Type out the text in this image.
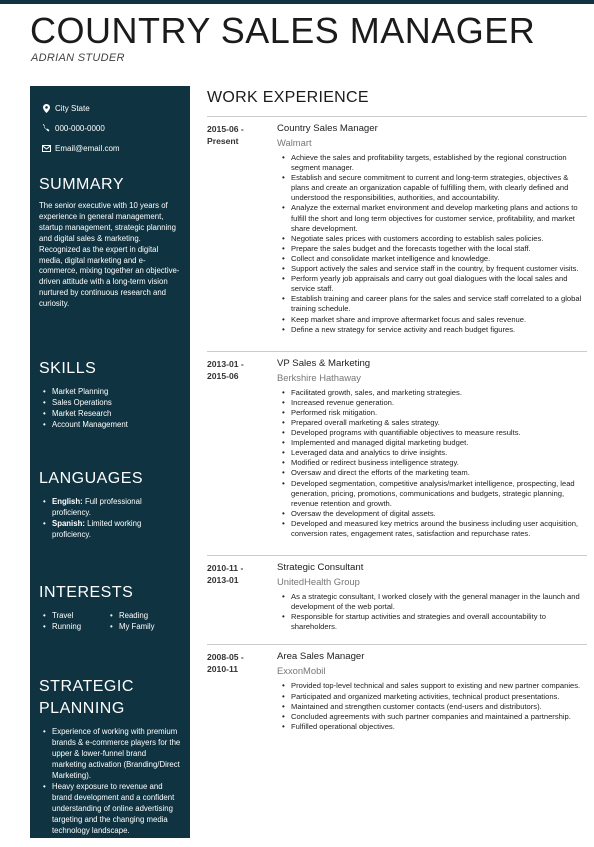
COUNTRY SALES MANAGER
ADRIAN STUDER
City State
000-000-0000
Email@email.com
SUMMARY
The senior executive with 10 years of experience in general management, startup management, strategic planning and digital sales & marketing. Recognized as the expert in digital media, digital marketing and e-commerce, mixing together an objective-driven attitude with a long-term vision nurtured by continuous research and curiosity.
SKILLS
• Market Planning
• Sales Operations
• Market Research
• Account Management
LANGUAGES
• English: Full professional proficiency.
• Spanish: Limited working proficiency.
INTERESTS
• Travel	• Reading
• Running	• My Family
STRATEGIC PLANNING
• Experience of working with premium brands & e-commerce players for the upper & lower-funnel brand marketing activation (Branding/Direct Marketing).
• Heavy exposure to revenue and brand development and a confident understanding of online advertising targeting and the changing media technology landscape.
• Offerings and technologies to
WORK EXPERIENCE
2015-06 -
Present
Country Sales Manager
Walmart
• Achieve the sales and profitability targets, established by the regional construction segment manager.
• Establish and secure commitment to current and long-term strategies, objectives & plans and create an organization capable of fulfilling them, with clearly defined and understood the responsibilities, authorities, and accountability.
• Analyze the external market environment and develop marketing plans and actions to fulfill the short and long term objectives for customer service, profitability, and market share development.
• Negotiate sales prices with customers according to establish sales policies.
• Prepare the sales budget and the forecasts together with the local staff.
• Collect and consolidate market intelligence and knowledge.
• Support actively the sales and service staff in the country, by frequent customer visits.
• Perform yearly job appraisals and carry out goal dialogues with the local sales and service staff.
• Establish training and career plans for the sales and service staff correlated to a global training schedule.
• Keep market share and improve aftermarket focus and sales revenue.
• Define a new strategy for service activity and reach budget figures.
2013-01 -
2015-06
VP Sales & Marketing
Berkshire Hathaway
• Facilitated growth, sales, and marketing strategies.
• Increased revenue generation.
• Performed risk mitigation.
• Prepared overall marketing & sales strategy.
• Developed programs with quantifiable objectives to measure results.
• Implemented and managed digital marketing budget.
• Leveraged data and analytics to drive insights.
• Modified or redirect business intelligence strategy.
• Oversaw and direct the efforts of the marketing team.
• Developed segmentation, competitive analysis/market intelligence, prospecting, lead generation, pricing, promotions, communications and budgets, strategic planning, revenue retention and growth.
• Oversaw the development of digital assets.
• Developed and measured key metrics around the business including user acquisition, conversion rates, engagement rates, satisfaction and repurchase rates.
2010-11 -
2013-01
Strategic Consultant
UnitedHealth Group
• As a strategic consultant, I worked closely with the general manager in the launch and development of the web portal.
• Responsible for startup activities and strategies and overall accountability to shareholders.
2008-05 -
2010-11
Area Sales Manager
ExxonMobil
• Provided top-level technical and sales support to existing and new partner companies.
• Participated and organized marketing activities, technical product presentations.
• Maintained and strengthen customer contacts (end-users and distributors).
• Concluded agreements with such partner companies and maintained a partnership.
• Fulfilled operational objectives.
